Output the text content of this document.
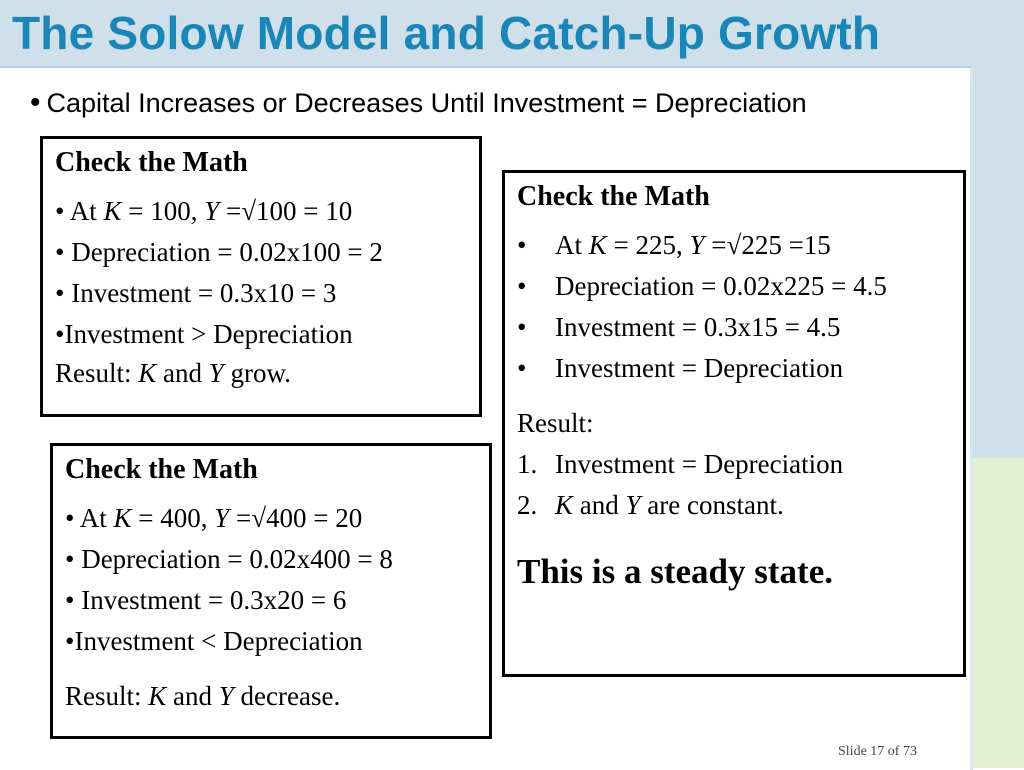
The Solow Model and Catch-Up Growth
• Capital Increases or Decreases Until Investment = Depreciation
Check the Math
• At K = 100, Y =√100 = 10
• Depreciation = 0.02x100 = 2
• Investment = 0.3x10 = 3
•Investment > Depreciation
Result: K and Y grow.
Check the Math
• At K = 400, Y =√400 = 20
• Depreciation = 0.02x400 = 8
• Investment = 0.3x20 = 6
•Investment < Depreciation
Result: K and Y decrease.
Check the Math
• At K = 225, Y =√225 =15
• Depreciation = 0.02x225 = 4.5
• Investment = 0.3x15 = 4.5
• Investment = Depreciation
Result:
1. Investment = Depreciation
2. K and Y are constant.
This is a steady state.
Slide 17 of 73
